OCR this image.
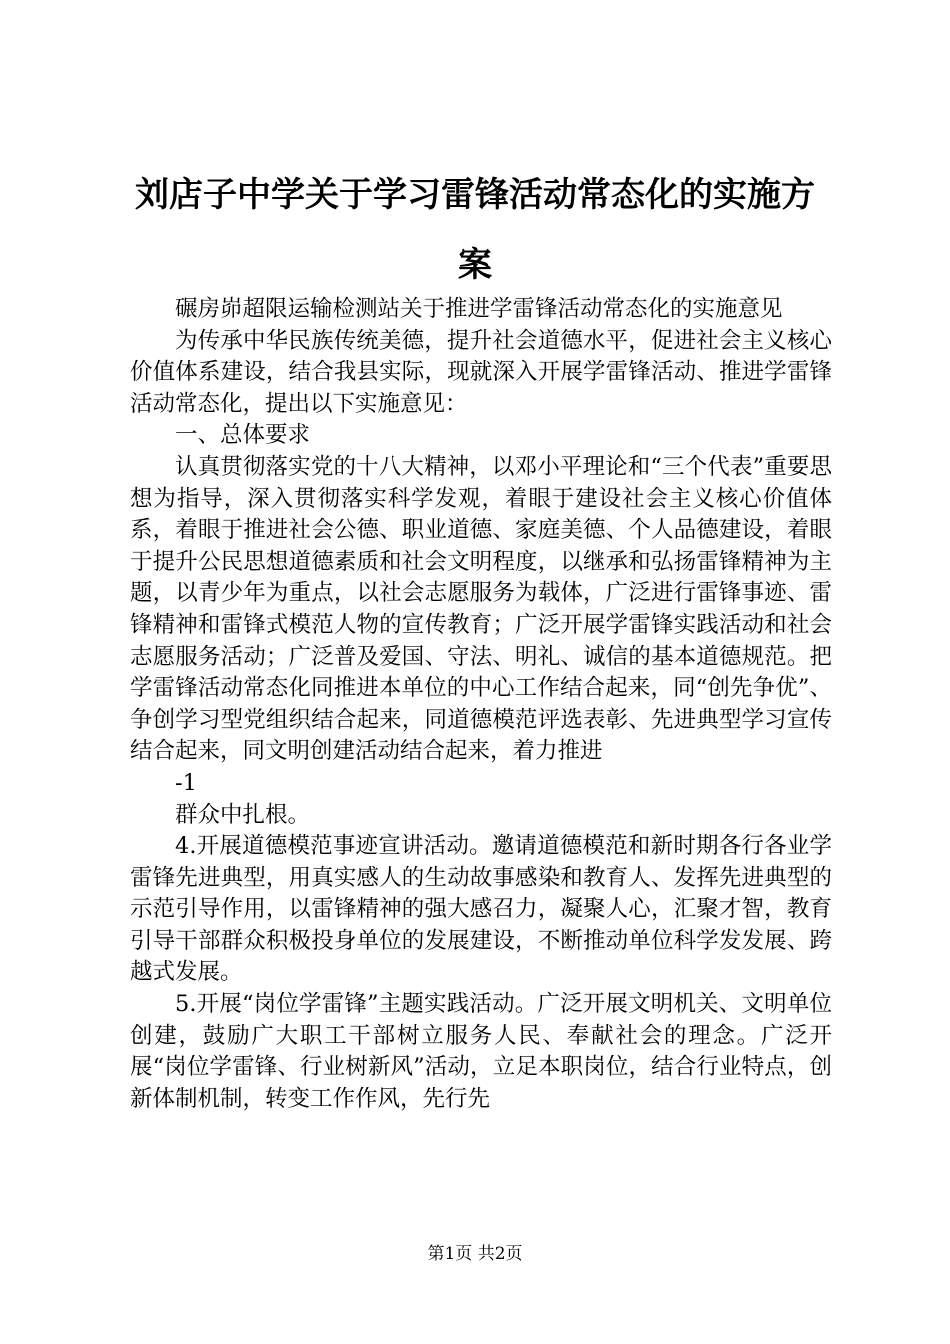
刘店子中学关于学习雷锋活动常态化的实施方案

碾房峁超限运输检测站关于推进学雷锋活动常态化的实施意见

为传承中华民族传统美德，提升社会道德水平，促进社会主义核心价值体系建设，结合我县实际，现就深入开展学雷锋活动、推进学雷锋活动常态化，提出以下实施意见：

一、总体要求

认真贯彻落实党的十八大精神，以邓小平理论和“三个代表”重要思想为指导，深入贯彻落实科学发观，着眼于建设社会主义核心价值体系，着眼于推进社会公德、职业道德、家庭美德、个人品德建设，着眼于提升公民思想道德素质和社会文明程度，以继承和弘扬雷锋精神为主题，以青少年为重点，以社会志愿服务为载体，广泛进行雷锋事迹、雷锋精神和雷锋式模范人物的宣传教育；广泛开展学雷锋实践活动和社会志愿服务活动；广泛普及爱国、守法、明礼、诚信的基本道德规范。把学雷锋活动常态化同推进本单位的中心工作结合起来，同“创先争优”、争创学习型党组织结合起来，同道德模范评选表彰、先进典型学习宣传结合起来，同文明创建活动结合起来，着力推进

-1

群众中扎根。

4.开展道德模范事迹宣讲活动。邀请道德模范和新时期各行各业学雷锋先进典型，用真实感人的生动故事感染和教育人、发挥先进典型的示范引导作用，以雷锋精神的强大感召力，凝聚人心，汇聚才智，教育引导干部群众积极投身单位的发展建设，不断推动单位科学发发展、跨越式发展。

5.开展“岗位学雷锋”主题实践活动。广泛开展文明机关、文明单位创建，鼓励广大职工干部树立服务人民、奉献社会的理念。广泛开展“岗位学雷锋、行业树新风”活动，立足本职岗位，结合行业特点，创新体制机制，转变工作作风，先行先

第1页 共2页
